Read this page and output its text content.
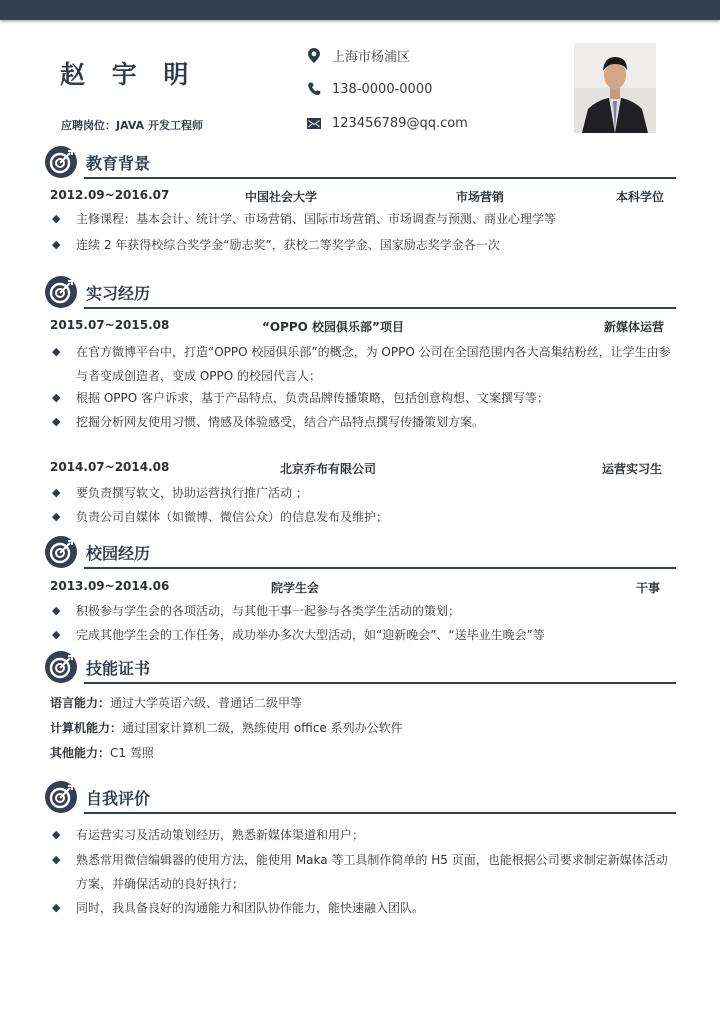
赵 宇 明
应聘岗位：JAVA 开发工程师
上海市杨浦区
138-0000-0000
123456789@qq.com
教育背景
2012.09~2016.07	中国社会大学	市场营销	本科学位
◆ 主修课程：基本会计、统计学、市场营销、国际市场营销、市场调查与预测、商业心理学等
◆ 连续 2 年获得校综合奖学金“励志奖”，获校二等奖学金、国家励志奖学金各一次
实习经历
2015.07~2015.08	“OPPO 校园俱乐部”项目	新媒体运营
◆ 在官方微博平台中，打造“OPPO 校园俱乐部”的概念，为 OPPO 公司在全国范围内各大高集结粉丝，让学生由参与者变成创造者，变成 OPPO 的校园代言人；
◆ 根据 OPPO 客户诉求，基于产品特点，负责品牌传播策略，包括创意构想、文案撰写等；
◆ 挖掘分析网友使用习惯、情感及体验感受，结合产品特点撰写传播策划方案。
2014.07~2014.08	北京乔布有限公司	运营实习生
◆ 要负责撰写软文，协助运营执行推广活动 ；
◆ 负责公司自媒体（如微博、微信公众）的信息发布及维护；
校园经历
2013.09~2014.06	院学生会	干事
◆ 积极参与学生会的各项活动，与其他干事一起参与各类学生活动的策划；
◆ 完成其他学生会的工作任务，成功举办多次大型活动，如“迎新晚会”、“送毕业生晚会”等
技能证书
语言能力：通过大学英语六级、普通话二级甲等
计算机能力：通过国家计算机二级，熟练使用 office 系列办公软件
其他能力：C1 驾照
自我评价
◆ 有运营实习及活动策划经历，熟悉新媒体渠道和用户；
◆ 熟悉常用微信编辑器的使用方法，能使用 Maka 等工具制作简单的 H5 页面，也能根据公司要求制定新媒体活动方案，并确保活动的良好执行；
◆ 同时，我具备良好的沟通能力和团队协作能力，能快速融入团队。
